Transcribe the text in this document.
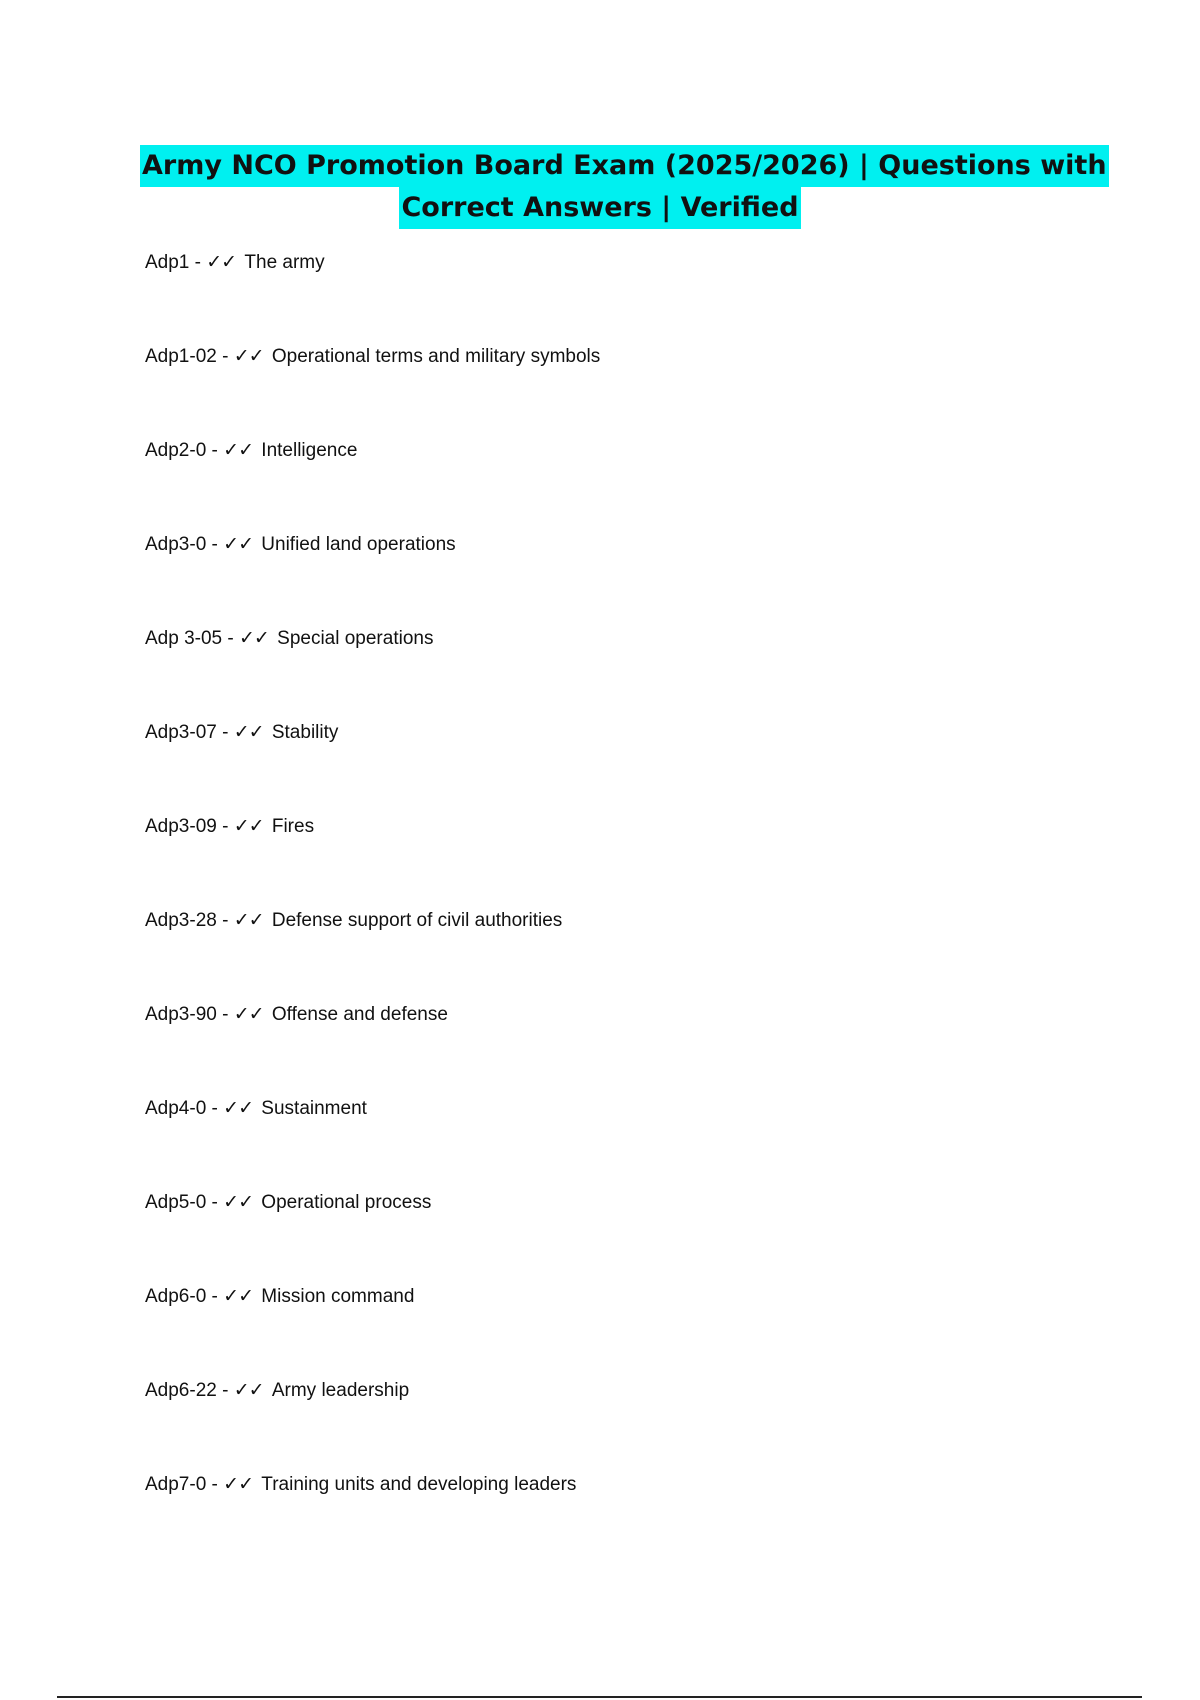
Army NCO Promotion Board Exam (2025/2026) | Questions with
Correct Answers | Verified
Adp1 - ✓✓ The army
Adp1-02 - ✓✓ Operational terms and military symbols
Adp2-0 - ✓✓ Intelligence
Adp3-0 - ✓✓ Unified land operations
Adp 3-05 - ✓✓ Special operations
Adp3-07 - ✓✓ Stability
Adp3-09 - ✓✓ Fires
Adp3-28 - ✓✓ Defense support of civil authorities
Adp3-90 - ✓✓ Offense and defense
Adp4-0 - ✓✓ Sustainment
Adp5-0 - ✓✓ Operational process
Adp6-0 - ✓✓ Mission command
Adp6-22 - ✓✓ Army leadership
Adp7-0 - ✓✓ Training units and developing leaders
